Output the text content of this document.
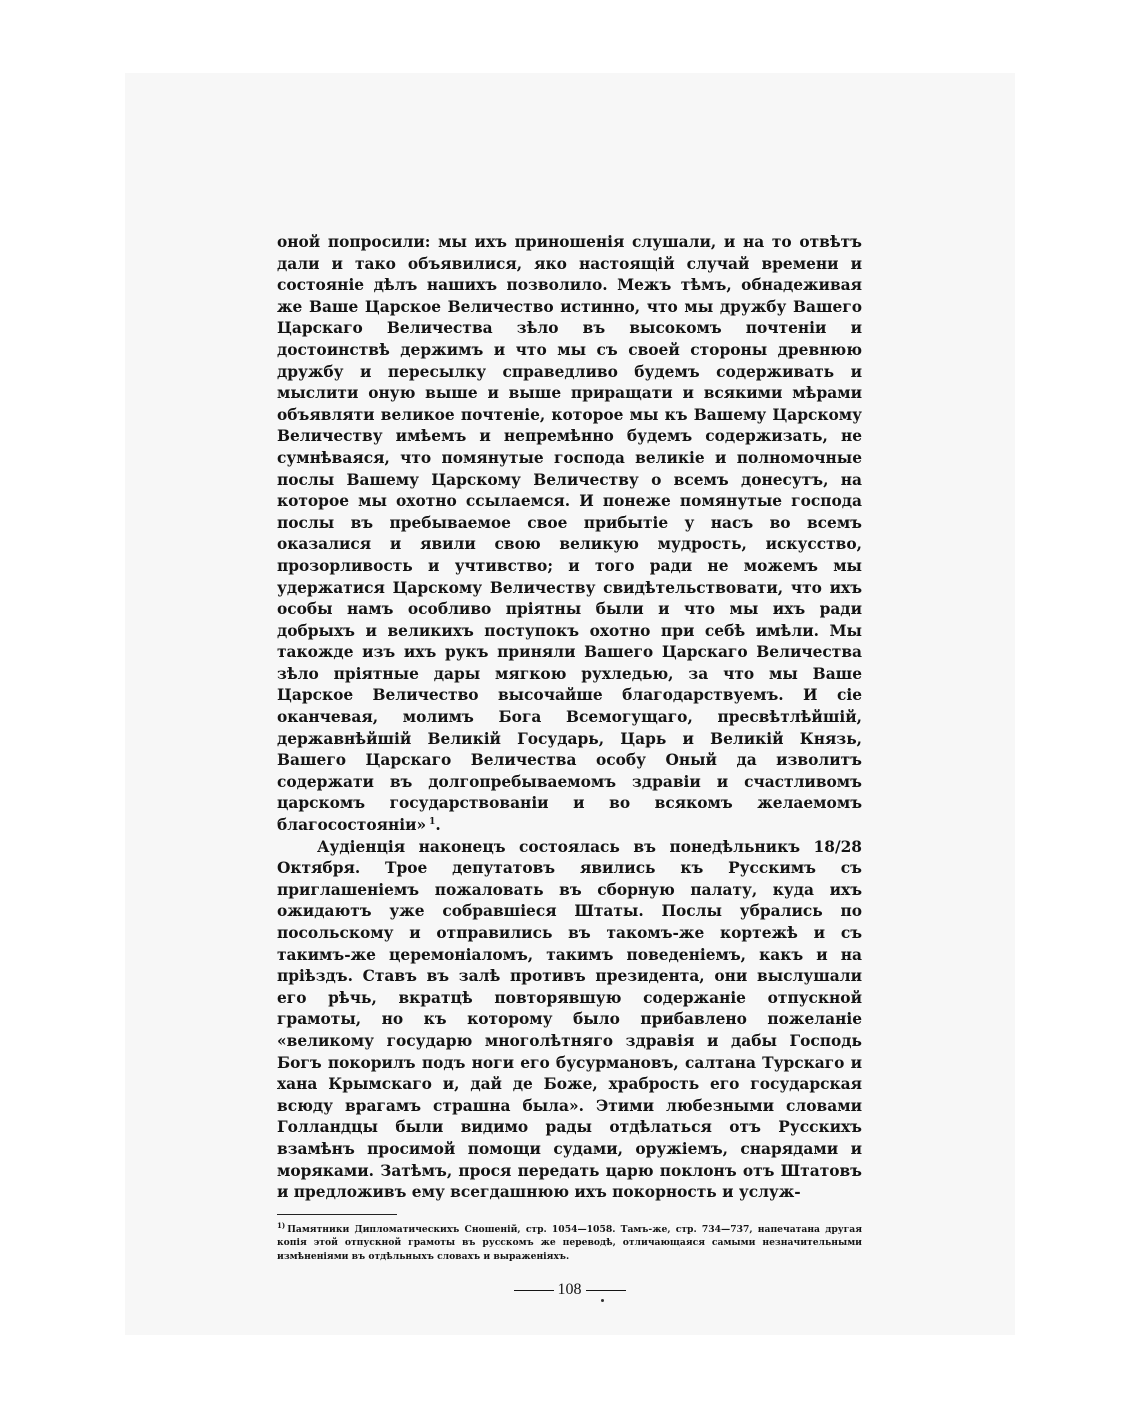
оной попросили: мы ихъ приношенія слушали, и на то отвѣтъ дали и тако объявилися, яко настоящій случай времени и состояніе дѣлъ нашихъ позволило. Межъ тѣмъ, обнадеживая же Ваше Царское Величество истинно, что мы дружбу Вашего Царскаго Величества зѣло въ высокомъ почтеніи и достоинствѣ держимъ и что мы съ своей стороны древнюю дружбу и пересылку справедливо будемъ содерживать и мыслити оную выше и выше приращати и всякими мѣрами объявляти великое почтеніе, которое мы къ Вашему Царскому Величеству имѣемъ и непремѣнно будемъ содержизать, не сумнѣваяся, что помянутые господа великіе и полномочные послы Вашему Царскому Величеству о всемъ донесутъ, на которое мы охотно ссылаемся. И понеже помянутые господа послы въ пребываемое свое прибытіе у насъ во всемъ оказалися и явили свою великую мудрость, искусство, прозорливость и учтивство; и того ради не можемъ мы удержатися Царскому Величеству свидѣтельствовати, что ихъ особы намъ особливо пріятны были и что мы ихъ ради добрыхъ и великихъ поступокъ охотно при себѣ имѣли. Мы такожде изъ ихъ рукъ приняли Вашего Царскаго Величества зѣло пріятные дары мягкою рухледью, за что мы Ваше Царское Величество высочайше благодарствуемъ. И сіе оканчевая, молимъ Бога Всемогущаго, пресвѣтлѣйшій, державнѣйшій Великій Государь, Царь и Великій Князь, Вашего Царскаго Величества особу Оный да изволитъ содержати въ долгопребываемомъ здравіи и счастливомъ царскомъ государствованіи и во всякомъ желаемомъ благосостояніи» $^1$.

Аудіенція наконецъ состоялась въ понедѣльникъ 18/28 Октября. Трое депутатовъ явились къ Русскимъ съ приглашеніемъ пожаловать въ сборную палату, куда ихъ ожидаютъ уже собравшіеся Штаты. Послы убрались по посольскому и отправились въ такомъ-же кортежѣ и съ такимъ-же церемоніаломъ, такимъ поведеніемъ, какъ и на пріѣздъ. Ставъ въ залѣ противъ президента, они выслушали его рѣчь, вкратцѣ повторявшую содержаніе отпускной грамоты, но къ которому было прибавлено пожеланіе «великому государю многолѣтняго здравія и дабы Господь Богъ покорилъ подъ ноги его бусурмановъ, салтана Турскаго и хана Крымскаго и, дай де Боже, храбрость его государская всюду врагамъ страшна была». Этими любезными словами Голландцы были видимо рады отдѣлаться отъ Русскихъ взамѣнъ просимой помощи судами, оружіемъ, снарядами и моряками. Затѣмъ, прося передать царю поклонъ отъ Штатовъ и предложивъ ему всегдашнюю ихъ покорность и услуж-

$^{1)}$ Памятники Дипломатическихъ Сношеній, стр. 1054—1058. Тамъ-же, стр. 734—737, напечатана другая копія этой отпускной грамоты въ русскомъ же переводѣ, отличающаяся самыми незначительными измѣненіями въ отдѣльныхъ словахъ и выраженіяхъ.

108
